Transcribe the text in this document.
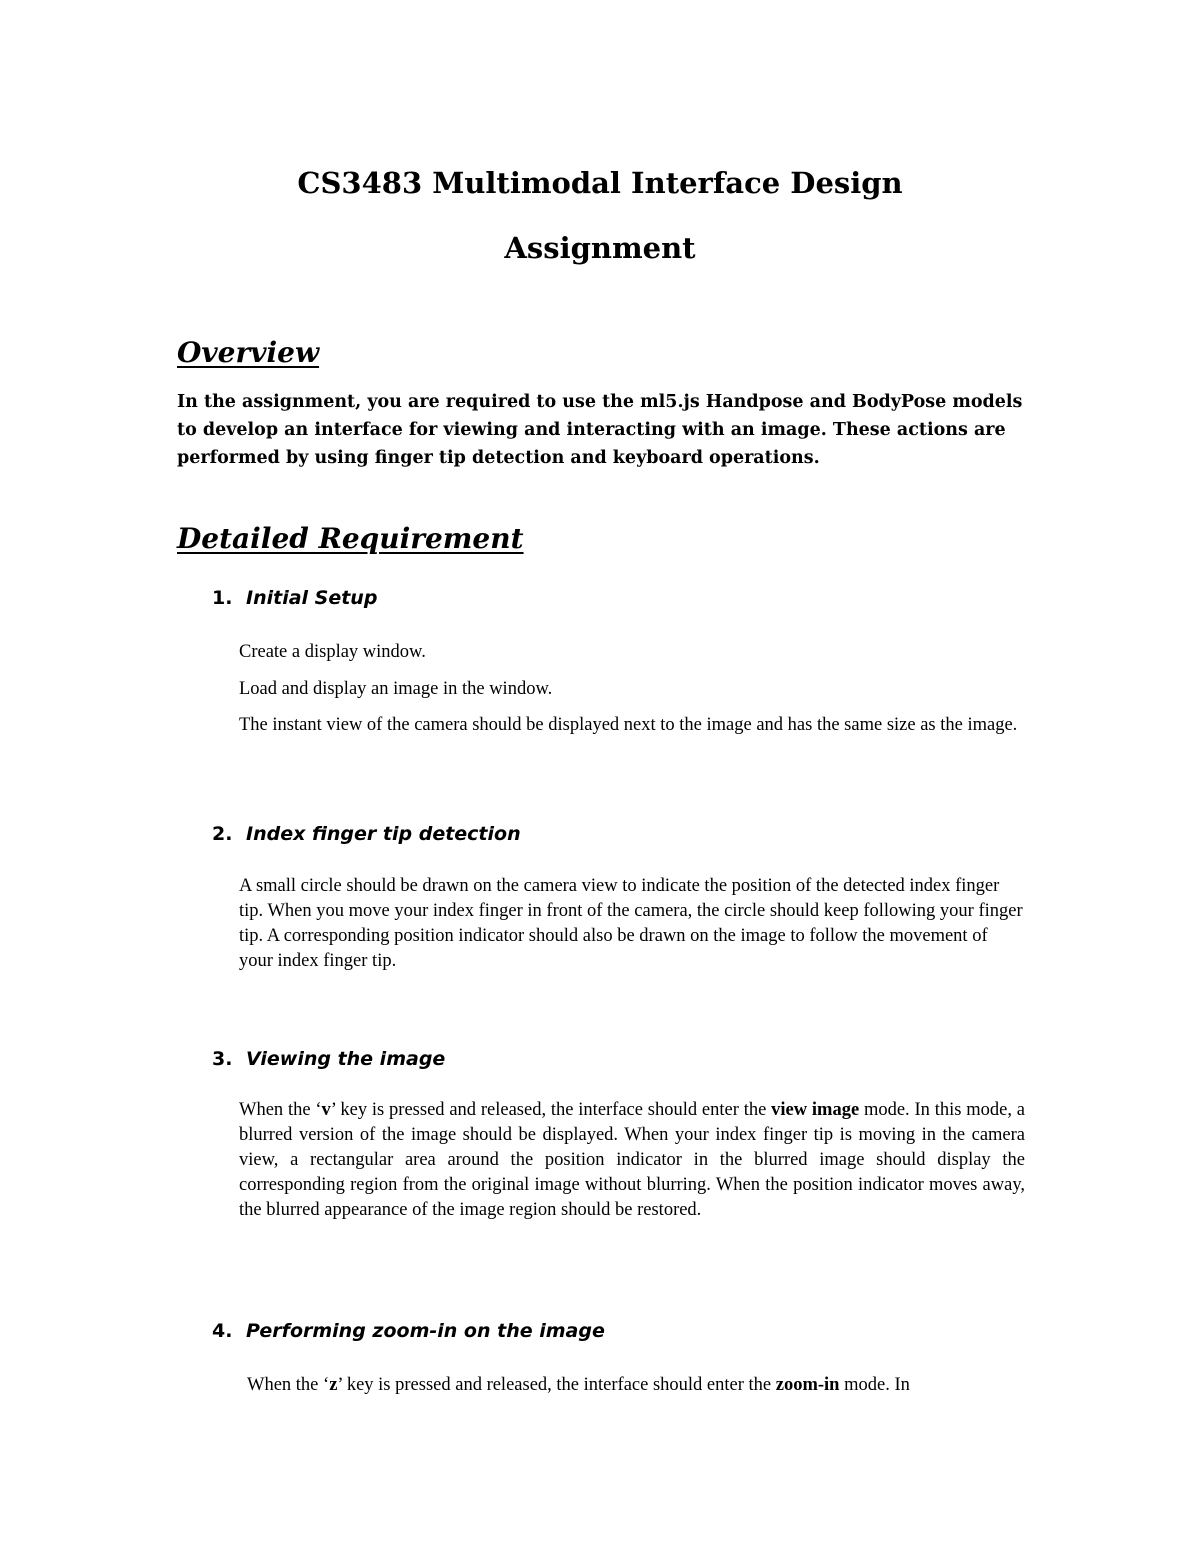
CS3483 Multimodal Interface Design
Assignment
Overview

In the assignment, you are required to use the ml5.js Handpose and BodyPose models to develop an interface for viewing and interacting with an image. These actions are performed by using finger tip detection and keyboard operations.

Detailed Requirement
1. Initial Setup

Create a display window.

Load and display an image in the window.

The instant view of the camera should be displayed next to the image and has the same size as the image.

2. Index finger tip detection

A small circle should be drawn on the camera view to indicate the position of the detected index finger tip. When you move your index finger in front of the camera, the circle should keep following your finger tip. A corresponding position indicator should also be drawn on the image to follow the movement of your index finger tip.

3. Viewing the image

When the ‘v’ key is pressed and released, the interface should enter the view image mode. In this mode, a blurred version of the image should be displayed. When your index finger tip is moving in the camera view, a rectangular area around the position indicator in the blurred image should display the corresponding region from the original image without blurring. When the position indicator moves away, the blurred appearance of the image region should be restored.

4. Performing zoom-in on the image

When the ‘z’ key is pressed and released, the interface should enter the zoom-in mode. In
